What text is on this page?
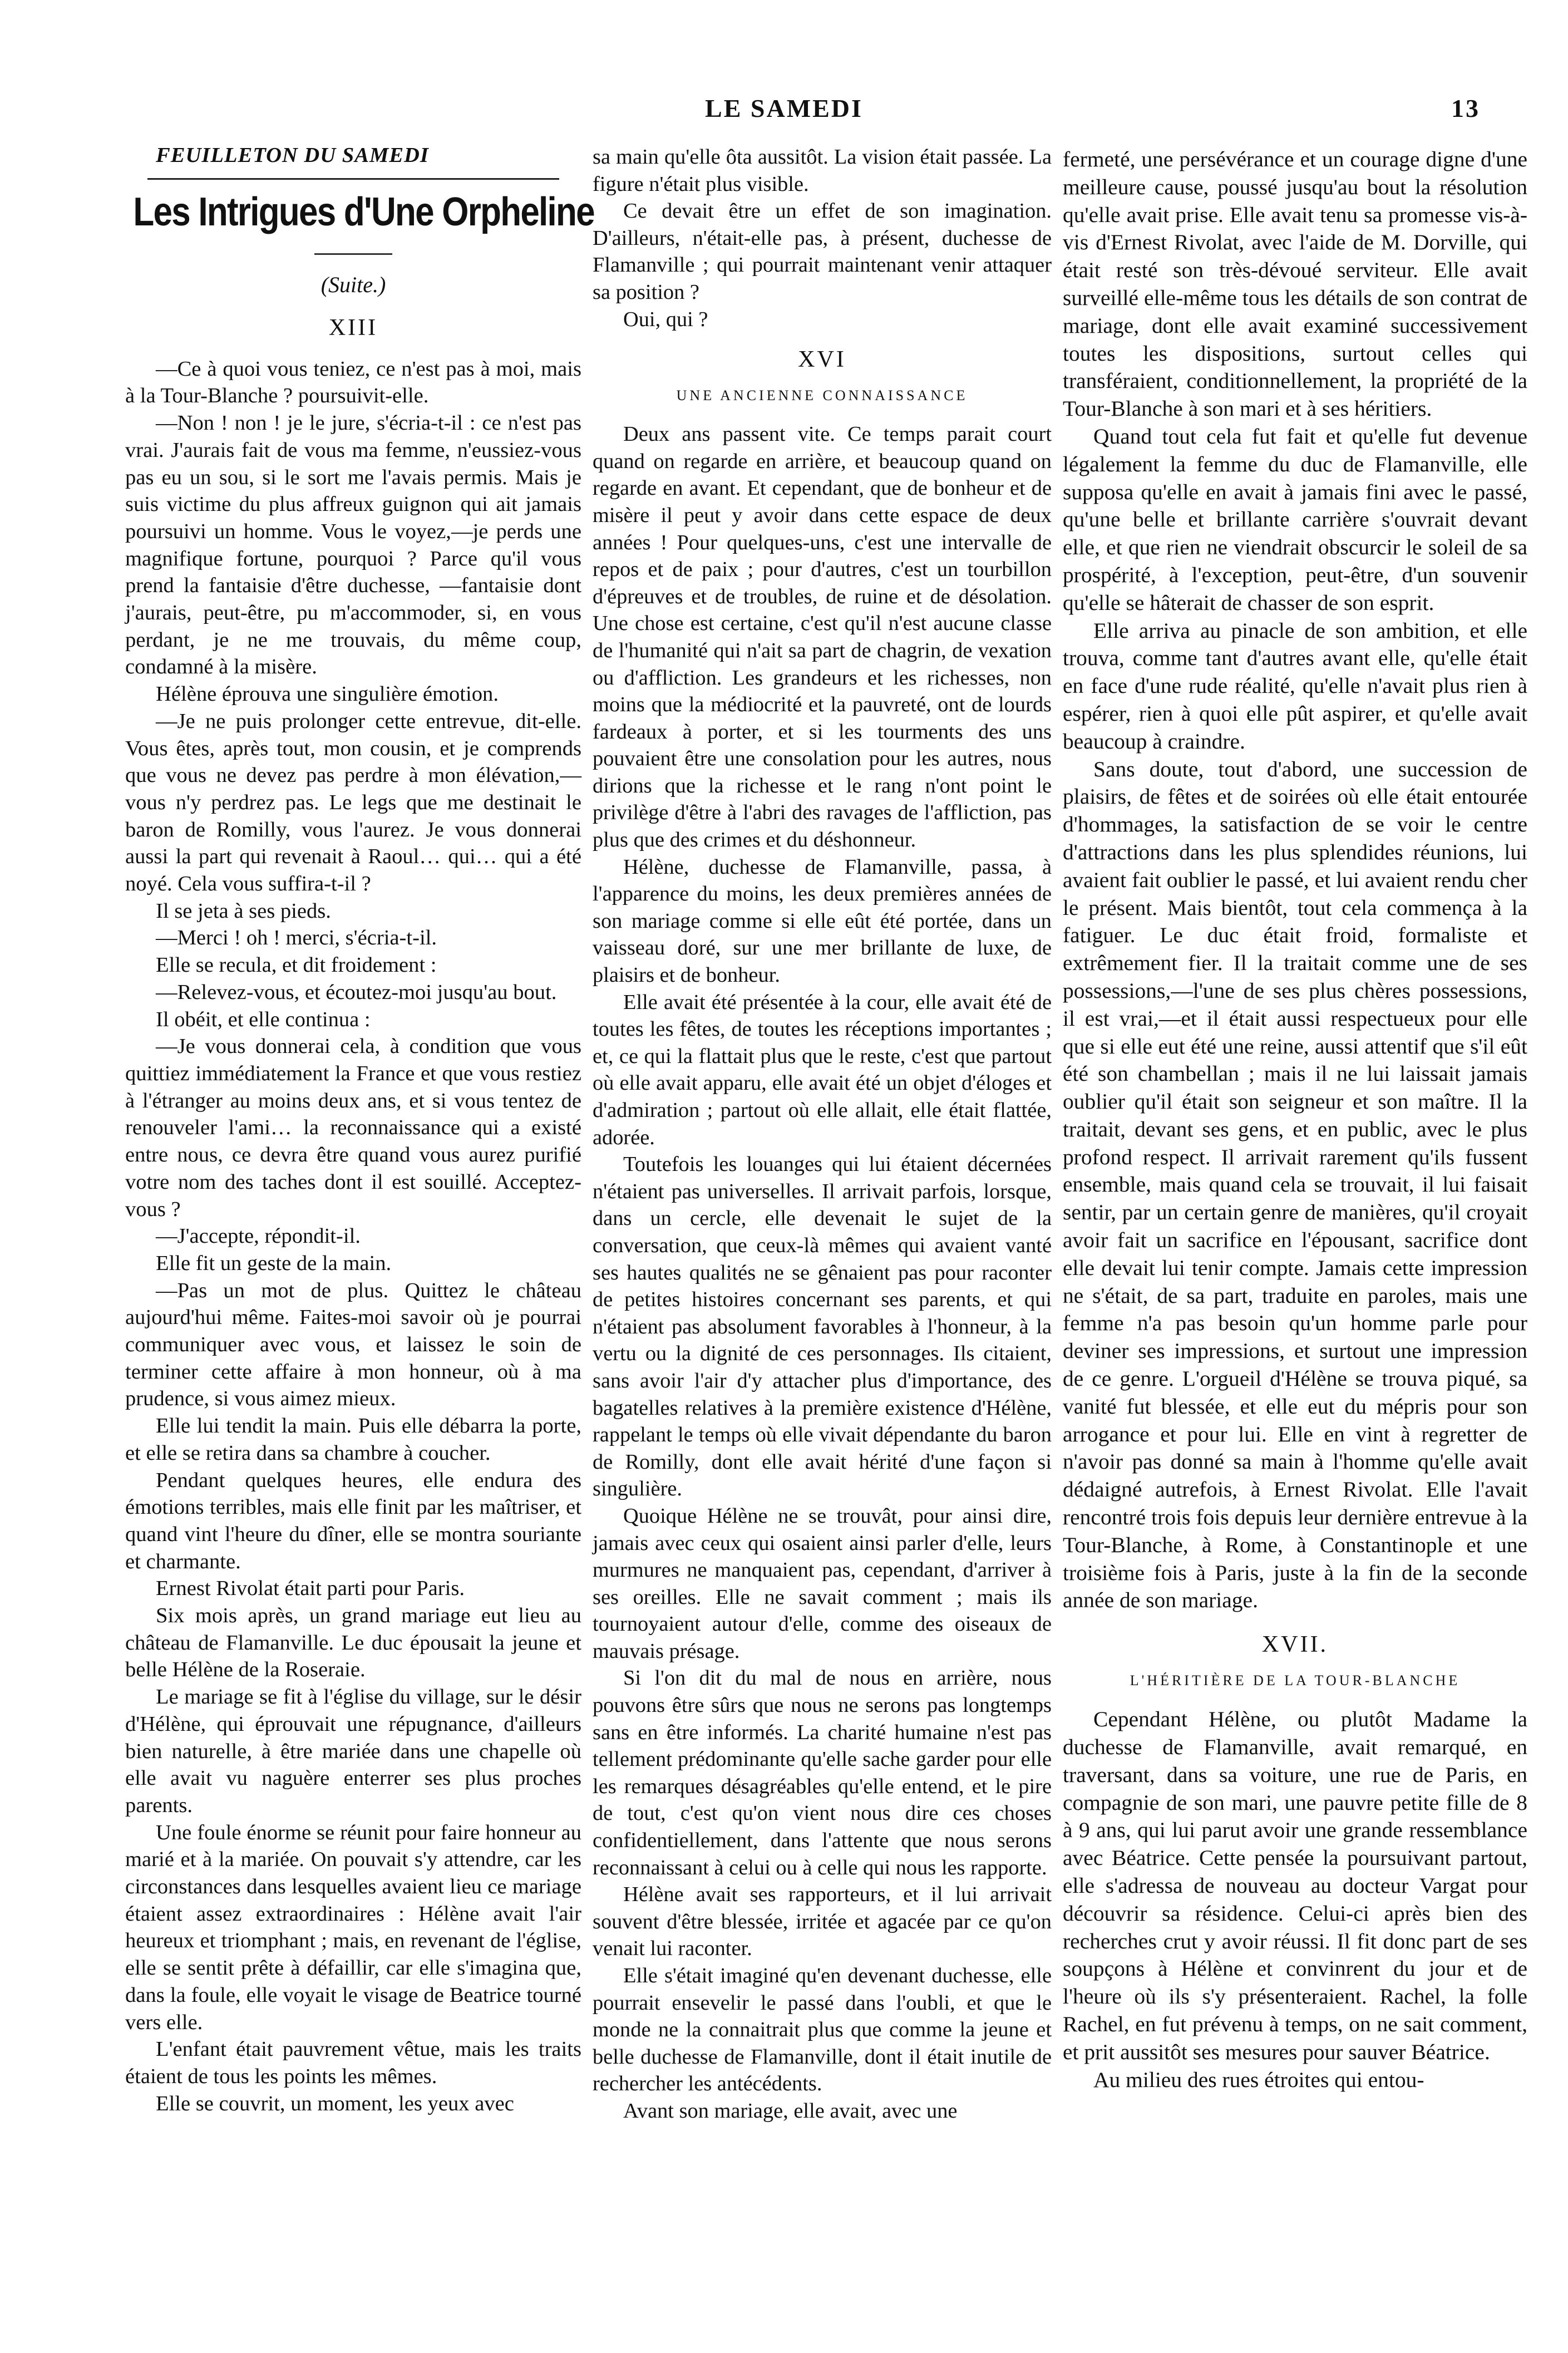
LE SAMEDI	13

FEUILLETON DU SAMEDI

Les Intrigues d'Une Orpheline
(Suite.)
XIII

—Ce à quoi vous teniez, ce n'est pas à moi, mais à la Tour-Blanche ? poursuivit-elle.

—Non ! non ! je le jure, s'écria-t-il : ce n'est pas vrai. J'aurais fait de vous ma femme, n'eussiez-vous pas eu un sou, si le sort me l'avais permis. Mais je suis victime du plus affreux guignon qui ait jamais poursuivi un homme. Vous le voyez,—je perds une magnifique fortune, pourquoi ? Parce qu'il vous prend la fantaisie d'être duchesse, —fantaisie dont j'aurais, peut-être, pu m'accommoder, si, en vous perdant, je ne me trouvais, du même coup, condamné à la misère.

Hélène éprouva une singulière émotion.

—Je ne puis prolonger cette entrevue, dit-elle. Vous êtes, après tout, mon cousin, et je comprends que vous ne devez pas perdre à mon élévation,—vous n'y perdrez pas. Le legs que me destinait le baron de Romilly, vous l'aurez. Je vous donnerai aussi la part qui revenait à Raoul… qui… qui a été noyé. Cela vous suffira-t-il ?

Il se jeta à ses pieds.

—Merci ! oh ! merci, s'écria-t-il.

Elle se recula, et dit froidement :

—Relevez-vous, et écoutez-moi jusqu'au bout.

Il obéit, et elle continua :

—Je vous donnerai cela, à condition que vous quittiez immédiatement la France et que vous restiez à l'étranger au moins deux ans, et si vous tentez de renouveler l'ami… la reconnaissance qui a existé entre nous, ce devra être quand vous aurez purifié votre nom des taches dont il est souillé. Acceptez-vous ?

—J'accepte, répondit-il.

Elle fit un geste de la main.

—Pas un mot de plus. Quittez le château aujourd'hui même. Faites-moi savoir où je pourrai communiquer avec vous, et laissez le soin de terminer cette affaire à mon honneur, où à ma prudence, si vous aimez mieux.

Elle lui tendit la main. Puis elle débarra la porte, et elle se retira dans sa chambre à coucher.

Pendant quelques heures, elle endura des émotions terribles, mais elle finit par les maîtriser, et quand vint l'heure du dîner, elle se montra souriante et charmante.

Ernest Rivolat était parti pour Paris.

Six mois après, un grand mariage eut lieu au château de Flamanville. Le duc épousait la jeune et belle Hélène de la Roseraie.

Le mariage se fit à l'église du village, sur le désir d'Hélène, qui éprouvait une répugnance, d'ailleurs bien naturelle, à être mariée dans une chapelle où elle avait vu naguère enterrer ses plus proches parents.

Une foule énorme se réunit pour faire honneur au marié et à la mariée. On pouvait s'y attendre, car les circonstances dans lesquelles avaient lieu ce mariage étaient assez extraordinaires : Hélène avait l'air heureux et triomphant ; mais, en revenant de l'église, elle se sentit prête à défaillir, car elle s'imagina que, dans la foule, elle voyait le visage de Beatrice tourné vers elle.

L'enfant était pauvrement vêtue, mais les traits étaient de tous les points les mêmes.

Elle se couvrit, un moment, les yeux avec

sa main qu'elle ôta aussitôt. La vision était passée. La figure n'était plus visible.

Ce devait être un effet de son imagination. D'ailleurs, n'était-elle pas, à présent, duchesse de Flamanville ; qui pourrait maintenant venir attaquer sa position ?

Oui, qui ?

XVI
UNE ANCIENNE CONNAISSANCE

Deux ans passent vite. Ce temps parait court quand on regarde en arrière, et beaucoup quand on regarde en avant. Et cependant, que de bonheur et de misère il peut y avoir dans cette espace de deux années ! Pour quelques-uns, c'est une intervalle de repos et de paix ; pour d'autres, c'est un tourbillon d'épreuves et de troubles, de ruine et de désolation. Une chose est certaine, c'est qu'il n'est aucune classe de l'humanité qui n'ait sa part de chagrin, de vexation ou d'affliction. Les grandeurs et les richesses, non moins que la médiocrité et la pauvreté, ont de lourds fardeaux à porter, et si les tourments des uns pouvaient être une consolation pour les autres, nous dirions que la richesse et le rang n'ont point le privilège d'être à l'abri des ravages de l'affliction, pas plus que des crimes et du déshonneur.

Hélène, duchesse de Flamanville, passa, à l'apparence du moins, les deux premières années de son mariage comme si elle eût été portée, dans un vaisseau doré, sur une mer brillante de luxe, de plaisirs et de bonheur.

Elle avait été présentée à la cour, elle avait été de toutes les fêtes, de toutes les réceptions importantes ; et, ce qui la flattait plus que le reste, c'est que partout où elle avait apparu, elle avait été un objet d'éloges et d'admiration ; partout où elle allait, elle était flattée, adorée.

Toutefois les louanges qui lui étaient décernées n'étaient pas universelles. Il arrivait parfois, lorsque, dans un cercle, elle devenait le sujet de la conversation, que ceux-là mêmes qui avaient vanté ses hautes qualités ne se gênaient pas pour raconter de petites histoires concernant ses parents, et qui n'étaient pas absolument favorables à l'honneur, à la vertu ou la dignité de ces personnages. Ils citaient, sans avoir l'air d'y attacher plus d'importance, des bagatelles relatives à la première existence d'Hélène, rappelant le temps où elle vivait dépendante du baron de Romilly, dont elle avait hérité d'une façon si singulière.

Quoique Hélène ne se trouvât, pour ainsi dire, jamais avec ceux qui osaient ainsi parler d'elle, leurs murmures ne manquaient pas, cependant, d'arriver à ses oreilles. Elle ne savait comment ; mais ils tournoyaient autour d'elle, comme des oiseaux de mauvais présage.

Si l'on dit du mal de nous en arrière, nous pouvons être sûrs que nous ne serons pas longtemps sans en être informés. La charité humaine n'est pas tellement prédominante qu'elle sache garder pour elle les remarques désagréables qu'elle entend, et le pire de tout, c'est qu'on vient nous dire ces choses confidentiellement, dans l'attente que nous serons reconnaissant à celui ou à celle qui nous les rapporte.

Hélène avait ses rapporteurs, et il lui arrivait souvent d'être blessée, irritée et agacée par ce qu'on venait lui raconter.

Elle s'était imaginé qu'en devenant duchesse, elle pourrait ensevelir le passé dans l'oubli, et que le monde ne la connaitrait plus que comme la jeune et belle duchesse de Flamanville, dont il était inutile de rechercher les antécédents.

Avant son mariage, elle avait, avec une

fermeté, une persévérance et un courage digne d'une meilleure cause, poussé jusqu'au bout la résolution qu'elle avait prise. Elle avait tenu sa promesse vis-à-vis d'Ernest Rivolat, avec l'aide de M. Dorville, qui était resté son très-dévoué serviteur. Elle avait surveillé elle-même tous les détails de son contrat de mariage, dont elle avait examiné successivement toutes les dispositions, surtout celles qui transféraient, conditionnellement, la propriété de la Tour-Blanche à son mari et à ses héritiers.

Quand tout cela fut fait et qu'elle fut devenue légalement la femme du duc de Flamanville, elle supposa qu'elle en avait à jamais fini avec le passé, qu'une belle et brillante carrière s'ouvrait devant elle, et que rien ne viendrait obscurcir le soleil de sa prospérité, à l'exception, peut-être, d'un souvenir qu'elle se hâterait de chasser de son esprit.

Elle arriva au pinacle de son ambition, et elle trouva, comme tant d'autres avant elle, qu'elle était en face d'une rude réalité, qu'elle n'avait plus rien à espérer, rien à quoi elle pût aspirer, et qu'elle avait beaucoup à craindre.

Sans doute, tout d'abord, une succession de plaisirs, de fêtes et de soirées où elle était entourée d'hommages, la satisfaction de se voir le centre d'attractions dans les plus splendides réunions, lui avaient fait oublier le passé, et lui avaient rendu cher le présent. Mais bientôt, tout cela commença à la fatiguer. Le duc était froid, formaliste et extrêmement fier. Il la traitait comme une de ses possessions,—l'une de ses plus chères possessions, il est vrai,—et il était aussi respectueux pour elle que si elle eut été une reine, aussi attentif que s'il eût été son chambellan ; mais il ne lui laissait jamais oublier qu'il était son seigneur et son maître. Il la traitait, devant ses gens, et en public, avec le plus profond respect. Il arrivait rarement qu'ils fussent ensemble, mais quand cela se trouvait, il lui faisait sentir, par un certain genre de manières, qu'il croyait avoir fait un sacrifice en l'épousant, sacrifice dont elle devait lui tenir compte. Jamais cette impression ne s'était, de sa part, traduite en paroles, mais une femme n'a pas besoin qu'un homme parle pour deviner ses impressions, et surtout une impression de ce genre. L'orgueil d'Hélène se trouva piqué, sa vanité fut blessée, et elle eut du mépris pour son arrogance et pour lui. Elle en vint à regretter de n'avoir pas donné sa main à l'homme qu'elle avait dédaigné autrefois, à Ernest Rivolat. Elle l'avait rencontré trois fois depuis leur dernière entrevue à la Tour-Blanche, à Rome, à Constantinople et une troisième fois à Paris, juste à la fin de la seconde année de son mariage.

XVII.
L'HÉRITIÈRE DE LA TOUR-BLANCHE

Cependant Hélène, ou plutôt Madame la duchesse de Flamanville, avait remarqué, en traversant, dans sa voiture, une rue de Paris, en compagnie de son mari, une pauvre petite fille de 8 à 9 ans, qui lui parut avoir une grande ressemblance avec Béatrice. Cette pensée la poursuivant partout, elle s'adressa de nouveau au docteur Vargat pour découvrir sa résidence. Celui-ci après bien des recherches crut y avoir réussi. Il fit donc part de ses soupçons à Hélène et convinrent du jour et de l'heure où ils s'y présenteraient. Rachel, la folle Rachel, en fut prévenu à temps, on ne sait comment, et prit aussitôt ses mesures pour sauver Béatrice.

Au milieu des rues étroites qui entou-
